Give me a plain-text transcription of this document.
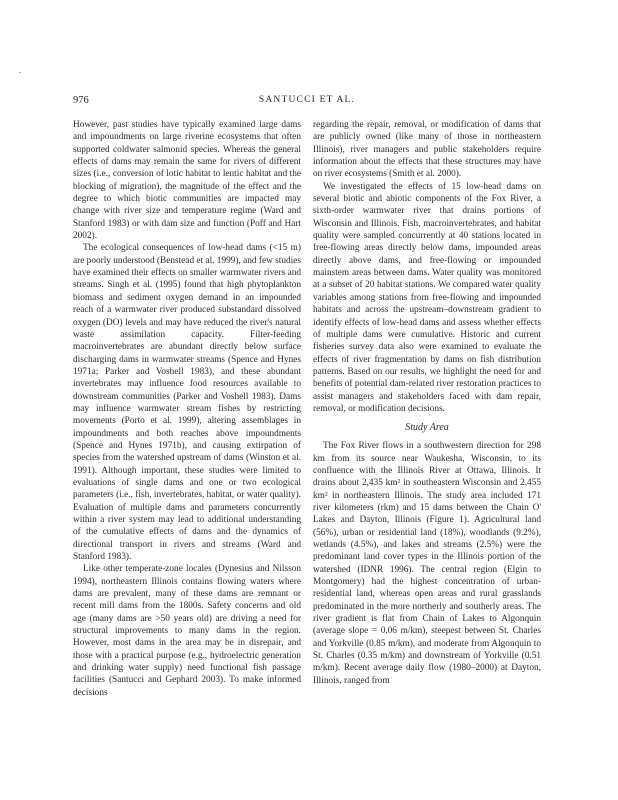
.
976	SANTUCCI ET AL.

However, past studies have typically examined large dams and impoundments on large riverine ecosystems that often supported coldwater salmonid species. Whereas the general effects of dams may remain the same for rivers of different sizes (i.e., conversion of lotic habitat to lentic habitat and the blocking of migration), the magnitude of the effect and the degree to which biotic communities are impacted may change with river size and temperature regime (Ward and Stanford 1983) or with dam size and function (Poff and Hart 2002).

The ecological consequences of low-head dams (<15 m) are poorly understood (Benstead et al. 1999), and few studies have examined their effects on smaller warmwater rivers and streams. Singh et al. (1995) found that high phytoplankton biomass and sediment oxygen demand in an impounded reach of a warmwater river produced substandard dissolved oxygen (DO) levels and may have reduced the river's natural waste assimilation capacity. Filter-feeding macroinvertebrates are abundant directly below surface discharging dams in warmwater streams (Spence and Hynes 1971a; Parker and Voshell 1983), and these abundant invertebrates may influence food resources available to downstream communities (Parker and Voshell 1983). Dams may influence warmwater stream fishes by restricting movements (Porto et al. 1999), altering assemblages in impoundments and both reaches above impoundments (Spence and Hynes 1971b), and causing extirpation of species from the watershed upstream of dams (Winston et al. 1991). Although important, these studies were limited to evaluations of single dams and one or two ecological parameters (i.e., fish, invertebrates, habitat, or water quality). Evaluation of multiple dams and parameters concurrently within a river system may lead to additional understanding of the cumulative effects of dams and the dynamics of directional transport in rivers and streams (Ward and Stanford 1983).

Like other temperate-zone locales (Dynesius and Nilsson 1994), northeastern Illinois contains flowing waters where dams are prevalent, many of these dams are remnant or recent mill dams from the 1800s. Safety concerns and old age (many dams are >50 years old) are driving a need for structural improvements to many dams in the region. However, most dams in the area may be in disrepair, and those with a practical purpose (e.g., hydroelectric generation and drinking water supply) need functional fish passage facilities (Santucci and Gephard 2003). To make informed decisions

regarding the repair, removal, or modification of dams that are publicly owned (like many of those in northeastern Illinois), river managers and public stakeholders require information about the effects that these structures may have on river ecosystems (Smith et al. 2000).

We investigated the effects of 15 low-head dams on several biotic and abiotic components of the Fox River, a sixth-order warmwater river that drains portions of Wisconsin and Illinois. Fish, macroinvertebrates, and habitat quality were sampled concurrently at 40 stations located in free-flowing areas directly below dams, impounded areas directly above dams, and free-flowing or impounded mainstem areas between dams. Water quality was monitored at a subset of 20 habitat stations. We compared water quality variables among stations from free-flowing and impounded habitats and across the upstream–downstream gradient to identify effects of low-head dams and assess whether effects of multiple dams were cumulative. Historic and current fisheries survey data also were examined to evaluate the effects of river fragmentation by dams on fish distribution patterns. Based on our results, we highlight the need for and benefits of potential dam-related river restoration practices to assist managers and stakeholders faced with dam repair, removal, or modification decisions.

Study Area

The Fox River flows in a southwestern direction for 298 km from its source near Waukesha, Wisconsin, to its confluence with the Illinois River at Ottawa, Illinois. It drains about 2,435 km² in southeastern Wisconsin and 2,455 km² in northeastern Illinois. The study area included 171 river kilometers (rkm) and 15 dams between the Chain O' Lakes and Dayton, Illinois (Figure 1). Agricultural land (56%), urban or residential land (18%), woodlands (9.2%), wetlands (4.5%), and lakes and streams (2.5%) were the predominant land cover types in the Illinois portion of the watershed (IDNR 1996). The central region (Elgin to Montgomery) had the highest concentration of urban-residential land, whereas open areas and rural grasslands predominated in the more northerly and southerly areas. The river gradient is flat from Chain of Lakes to Algonquin (average slope = 0.06 m/km), steepest between St. Charles and Yorkville (0.85 m/km), and moderate from Algonquin to St. Charles (0.35 m/km) and downstream of Yorkville (0.51 m/km). Recent average daily flow (1980–2000) at Dayton, Illinois, ranged from
